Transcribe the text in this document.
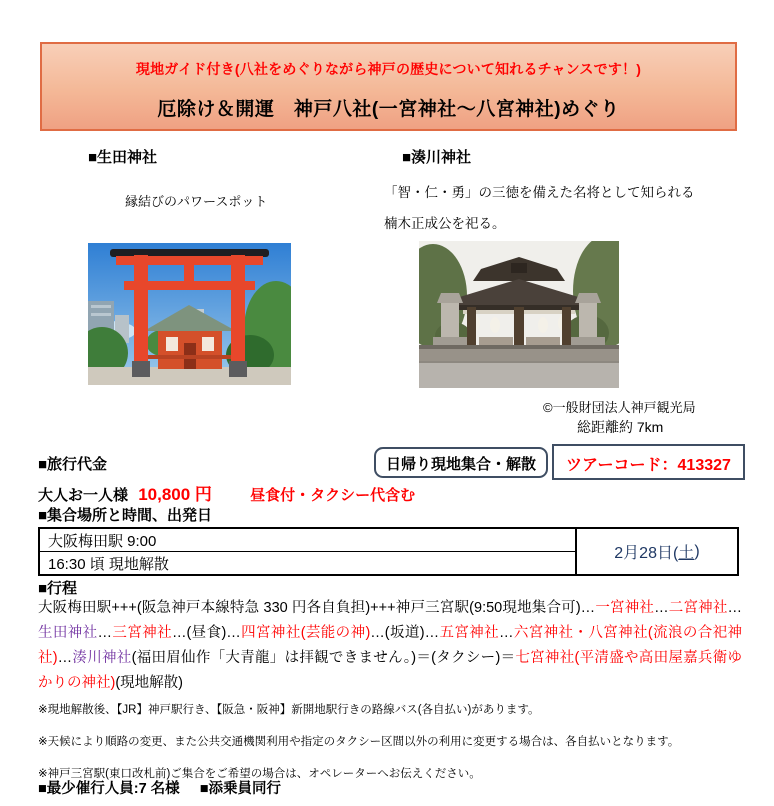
現地ガイド付き(八社をめぐりながら神戸の歴史について知れるチャンスです！)
厄除け＆開運　神戸八社(一宮神社～八宮神社)めぐり
■生田神社
縁結びのパワースポット
■湊川神社
「智・仁・勇」の三徳を備えた名将として知られる
楠木正成公を祀る。
©一般財団法人神戸観光局
総距離約 7km
■旅行代金	日帰り現地集合・解散	ツアーコード：413327
大人お一人様 10,800 円	昼食付・タクシー代含む
■集合場所と時間、出発日
大阪梅田駅 9:00
16:30 頃 現地解散
2月28日( 土 )
■行程
大阪梅田駅+++(阪急神戸本線特急 330 円各自負担)+++神戸三宮駅(9:50現地集合可)…一宮神社…二宮神社…生田神社…三宮神社…(昼食)…四宮神社(芸能の神)…(坂道)…五宮神社…六宮神社・八宮神社(流浪の合祀神社)…湊川神社(福田眉仙作「大青龍」は拝観できません。)＝(タクシー)＝七宮神社(平清盛や高田屋嘉兵衛ゆかりの神社)(現地解散)
※現地解散後、【JR】神戸駅行き、【阪急・阪神】新開地駅行きの路線バス(各自払い)があります。
※天候により順路の変更、また公共交通機関利用や指定のタクシー区間以外の利用に変更する場合は、各自払いとなります。
※神戸三宮駅(東口改札前)ご集合をご希望の場合は、オペレーターへお伝えください。
■最少催行人員:7 名様 ■添乗員同行
